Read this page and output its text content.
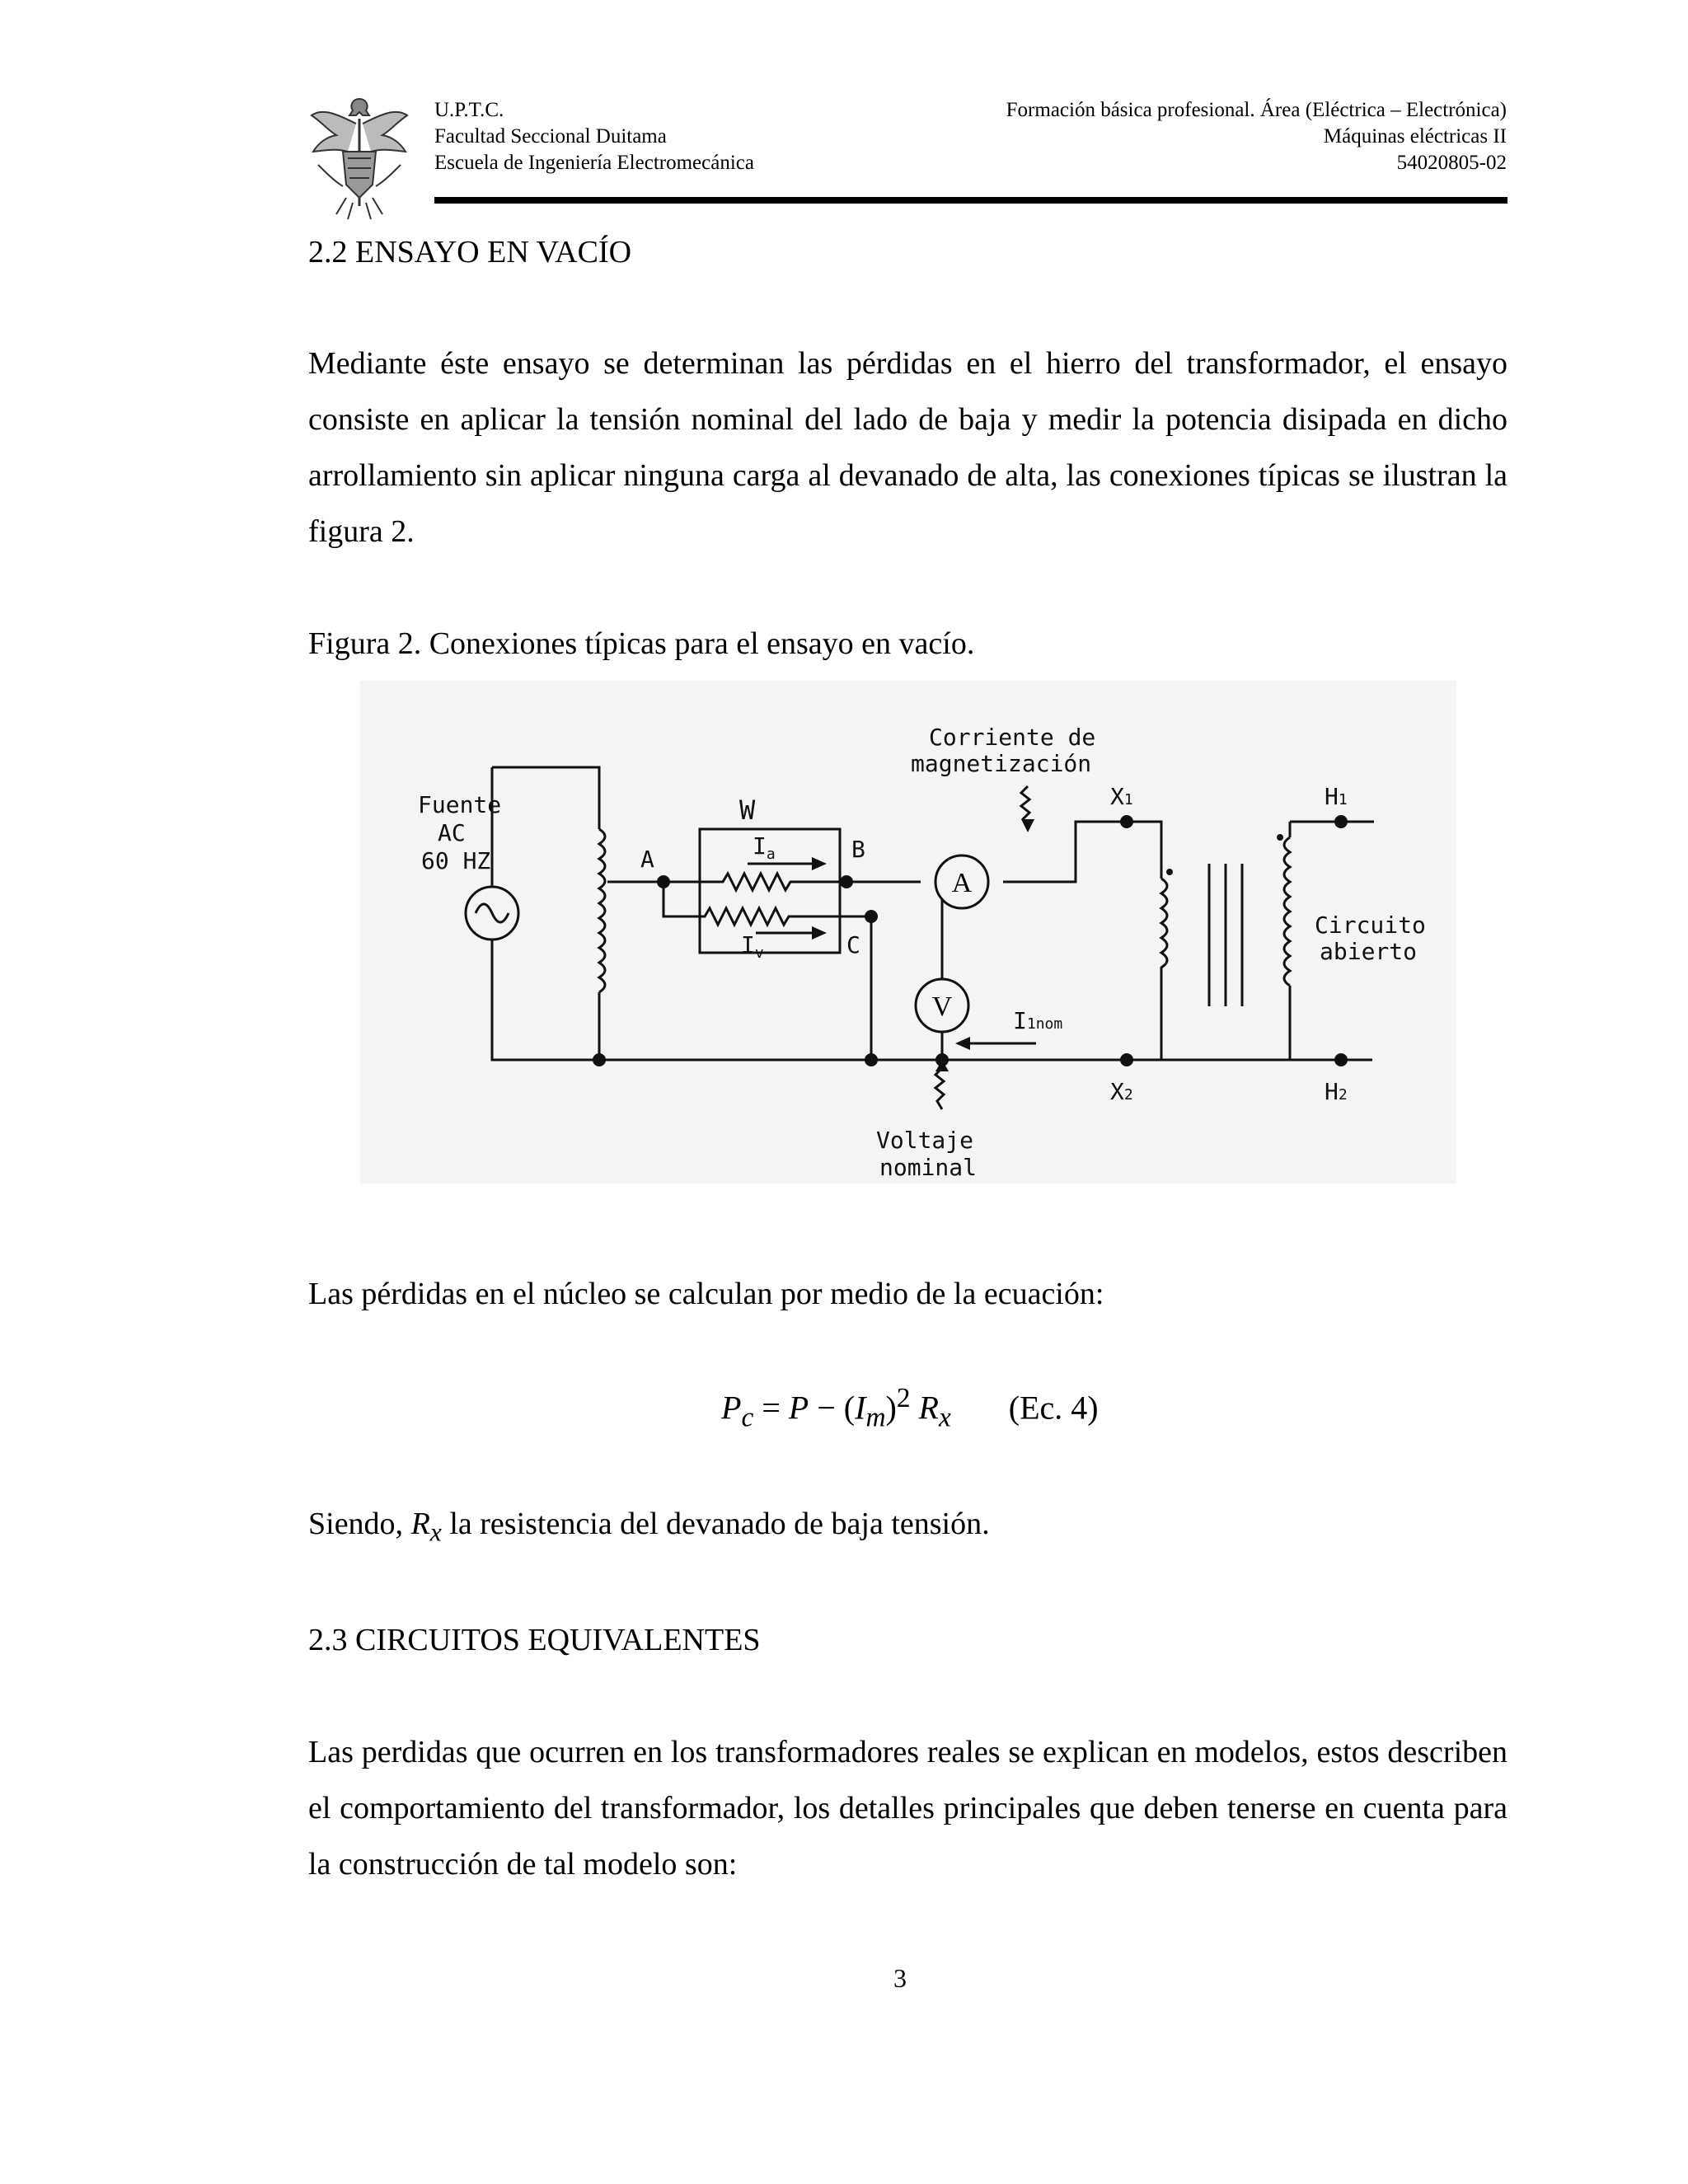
U.P.T.C.
Facultad Seccional Duitama
Escuela de Ingeniería Electromecánica
Formación básica profesional. Área (Eléctrica – Electrónica)
Máquinas eléctricas II
54020805-02
2.2 ENSAYO EN VACÍO
Mediante éste ensayo se determinan las pérdidas en el hierro del transformador, el ensayo consiste en aplicar la tensión nominal del lado de baja y medir la potencia disipada en dicho arrollamiento sin aplicar ninguna carga al devanado de alta, las conexiones típicas se ilustran la figura 2.
Figura 2. Conexiones típicas para el ensayo en vacío.
A
V
Fuente
AC
60 HZ
W
A	B
C
$I_a$
$I_v$
Corriente de
magnetización
X1
X2
H1
H2
I1nom
Circuito
abierto
Voltaje
nominal
Las pérdidas en el núcleo se calculan por medio de la ecuación:
$P_c = P - (I_m)^2$ $R_x$ (Ec. 4)
Siendo, $R_x$ la resistencia del devanado de baja tensión.
2.3 CIRCUITOS EQUIVALENTES
Las perdidas que ocurren en los transformadores reales se explican en modelos, estos describen el comportamiento del transformador, los detalles principales que deben tenerse en cuenta para la construcción de tal modelo son:
3
